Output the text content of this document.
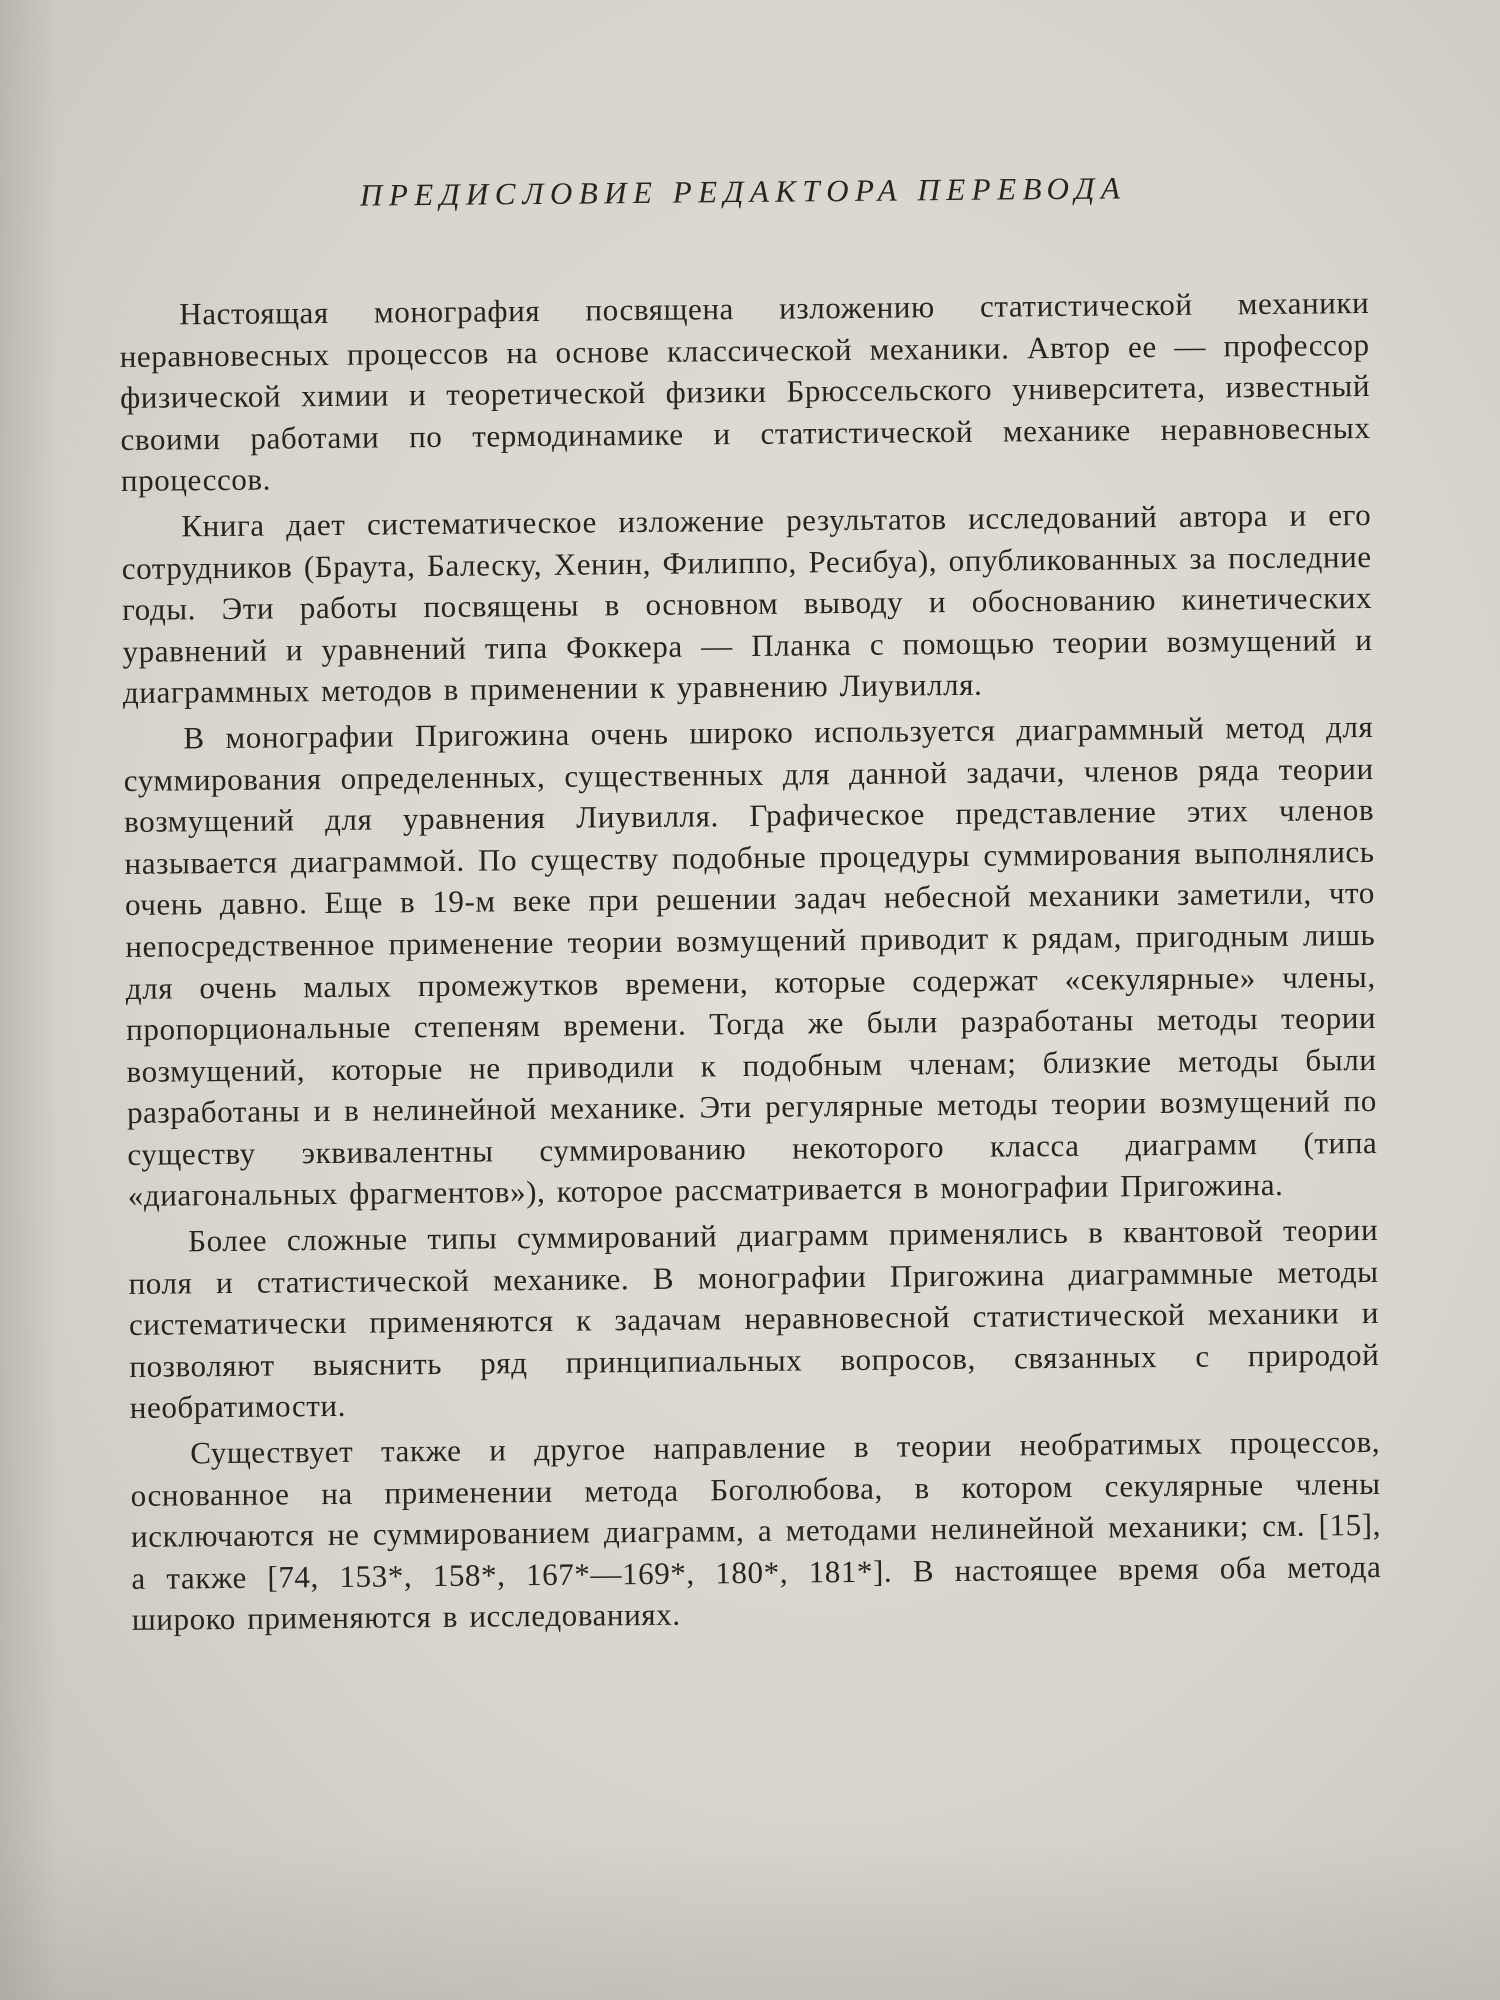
ПРЕДИСЛОВИЕ РЕДАКТОРА ПЕРЕВОДА

Настоящая монография посвящена изложению статистической механики неравновесных процессов на основе классической механики. Автор ее — профессор физической химии и теоретической физики Брюссельского университета, известный своими работами по термодинамике и статистической механике неравновесных процессов.

Книга дает систематическое изложение результатов исследований автора и его сотрудников (Браута, Балеску, Хенин, Филиппо, Ресибуа), опубликованных за последние годы. Эти работы посвящены в основном выводу и обоснованию кинетических уравнений и уравнений типа Фоккера — Планка с помощью теории возмущений и диаграммных методов в применении к уравнению Лиувилля.

В монографии Пригожина очень широко используется диаграммный метод для суммирования определенных, существенных для данной задачи, членов ряда теории возмущений для уравнения Лиувилля. Графическое представление этих членов называется диаграммой. По существу подобные процедуры суммирования выполнялись очень давно. Еще в 19-м веке при решении задач небесной механики заметили, что непосредственное применение теории возмущений приводит к рядам, пригодным лишь для очень малых промежутков времени, которые содержат «секулярные» члены, пропорциональные степеням времени. Тогда же были разработаны методы теории возмущений, которые не приводили к подобным членам; близкие методы были разработаны и в нелинейной механике. Эти регулярные методы теории возмущений по существу эквивалентны суммированию некоторого класса диаграмм (типа «диагональных фрагментов»), которое рассматривается в монографии Пригожина.

Более сложные типы суммирований диаграмм применялись в квантовой теории поля и статистической механике. В монографии Пригожина диаграммные методы систематически применяются к задачам неравновесной статистической механики и позволяют выяснить ряд принципиальных вопросов, связанных с природой необратимости.

Существует также и другое направление в теории необратимых процессов, основанное на применении метода Боголюбова, в котором секулярные члены исключаются не суммированием диаграмм, а методами нелинейной механики; см. [15], а также [74, 153*, 158*, 167*—169*, 180*, 181*]. В настоящее время оба метода широко применяются в исследованиях.
